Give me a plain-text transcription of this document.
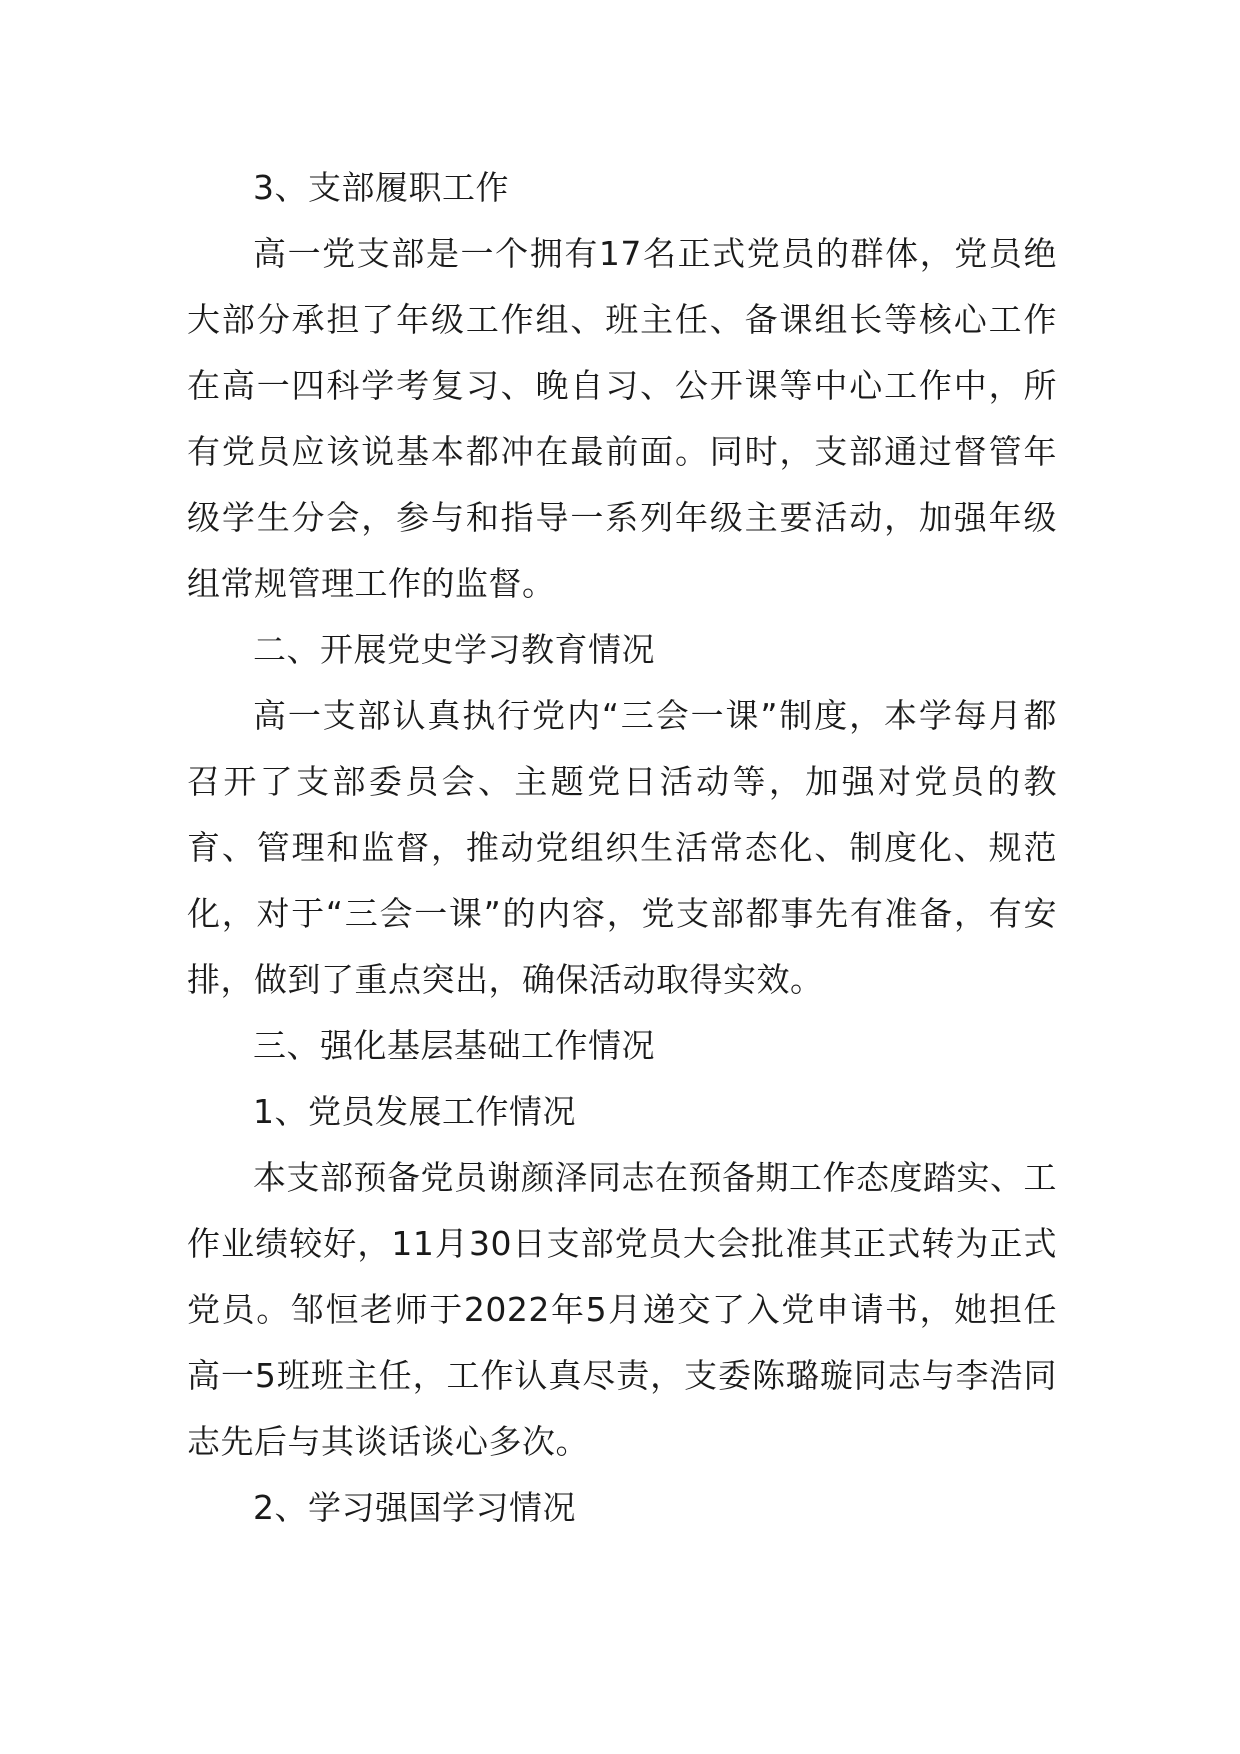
3、支部履职工作

高一党支部是一个拥有17名正式党员的群体，党员绝大部分承担了年级工作组、班主任、备课组长等核心工作在高一四科学考复习、晚自习、公开课等中心工作中，所有党员应该说基本都冲在最前面。同时，支部通过督管年级学生分会，参与和指导一系列年级主要活动，加强年级组常规管理工作的监督。

二、开展党史学习教育情况

高一支部认真执行党内“三会一课”制度，本学每月都召开了支部委员会、主题党日活动等，加强对党员的教育、管理和监督，推动党组织生活常态化、制度化、规范化，对于“三会一课”的内容，党支部都事先有准备，有安排，做到了重点突出，确保活动取得实效。

三、强化基层基础工作情况

1、党员发展工作情况

本支部预备党员谢颜泽同志在预备期工作态度踏实、工作业绩较好，11月30日支部党员大会批准其正式转为正式党员。邹恒老师于2022年5月递交了入党申请书，她担任高一5班班主任，工作认真尽责，支委陈璐璇同志与李浩同志先后与其谈话谈心多次。

2、学习强国学习情况
